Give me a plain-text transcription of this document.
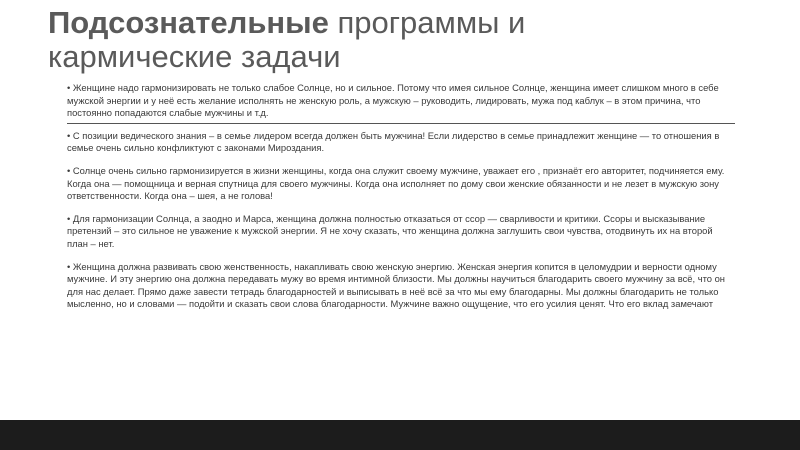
Подсознательные программы и
кармические задачи

• Женщине надо гармонизировать не только слабое Солнце, но и сильное. Потому что имея сильное Солнце, женщина имеет слишком много в себе мужской энергии и у неё есть желание исполнять не женскую роль, а мужскую – руководить, лидировать, мужа под каблук – в этом причина, что постоянно попадаются слабые мужчины и т.д.

• С позиции ведического знания – в семье лидером всегда должен быть мужчина! Если лидерство в семье принадлежит женщине — то отношения в семье очень сильно конфликтуют с законами Мироздания.

• Солнце очень сильно гармонизируется в жизни женщины, когда она служит своему мужчине, уважает его , признаёт его авторитет, подчиняется ему. Когда она — помощница и верная спутница для своего мужчины. Когда она исполняет по дому свои женские обязанности и не лезет в мужскую зону ответственности. Когда она – шея, а не голова!

• Для гармонизации Солнца, а заодно и Марса, женщина должна полностью отказаться от ссор — сварливости и критики. Ссоры и высказывание претензий – это сильное не уважение к мужской энергии. Я не хочу сказать, что женщина должна заглушить свои чувства, отодвинуть их на второй план – нет.

• Женщина должна развивать свою женственность, накапливать свою женскую энергию. Женская энергия копится в целомудрии и верности одному мужчине. И эту энергию она должна передавать мужу во время интимной близости. Мы должны научиться благодарить своего мужчину за всё, что он для нас делает. Прямо даже завести тетрадь благодарностей и выписывать в неё всё за что мы ему благодарны. Мы должны благодарить не только мысленно, но и словами — подойти и сказать свои слова благодарности. Мужчине важно ощущение, что его усилия ценят. Что его вклад замечают
